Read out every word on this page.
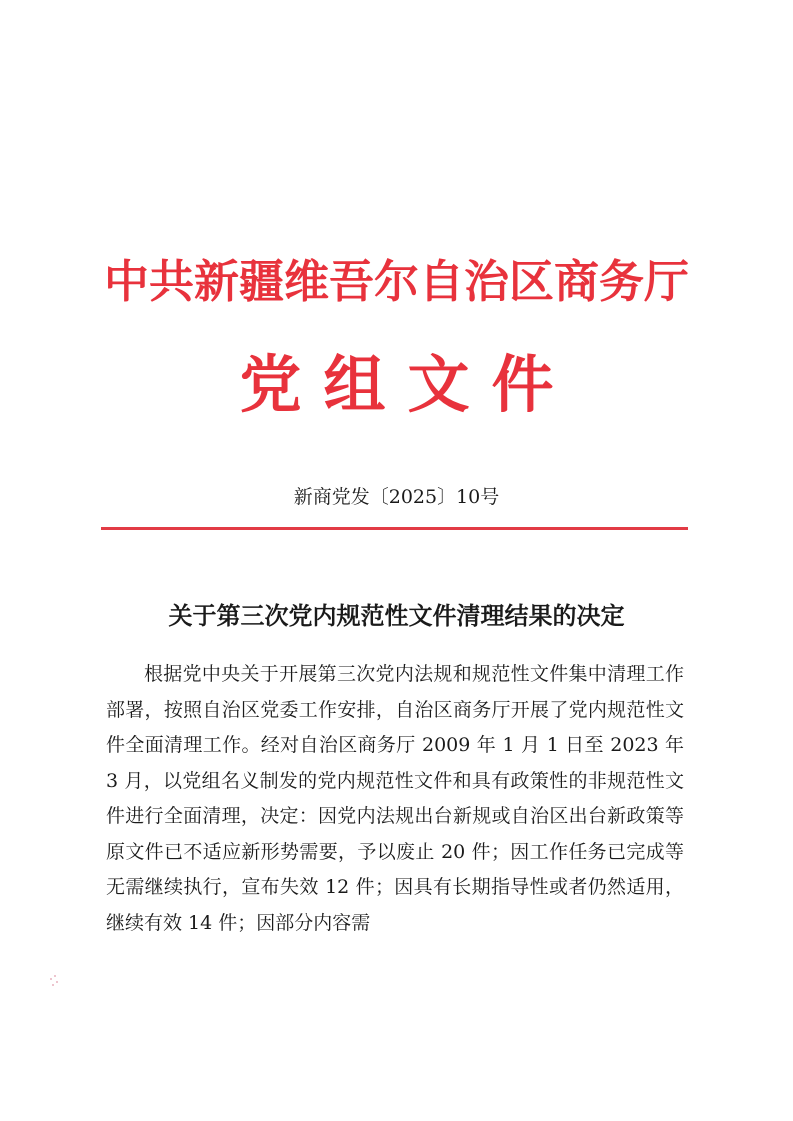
中共新疆维吾尔自治区商务厅
党组文件
新商党发〔2025〕10号
关于第三次党内规范性文件清理结果的决定

根据党中央关于开展第三次党内法规和规范性文件集中清理工作部署，按照自治区党委工作安排，自治区商务厅开展了党内规范性文件全面清理工作。经对自治区商务厅 2009 年 1 月 1 日至 2023 年 3 月，以党组名义制发的党内规范性文件和具有政策性的非规范性文件进行全面清理，决定：因党内法规出台新规或自治区出台新政策等原文件已不适应新形势需要，予以废止 20 件；因工作任务已完成等无需继续执行，宣布失效 12 件；因具有长期指导性或者仍然适用，继续有效 14 件；因部分内容需
